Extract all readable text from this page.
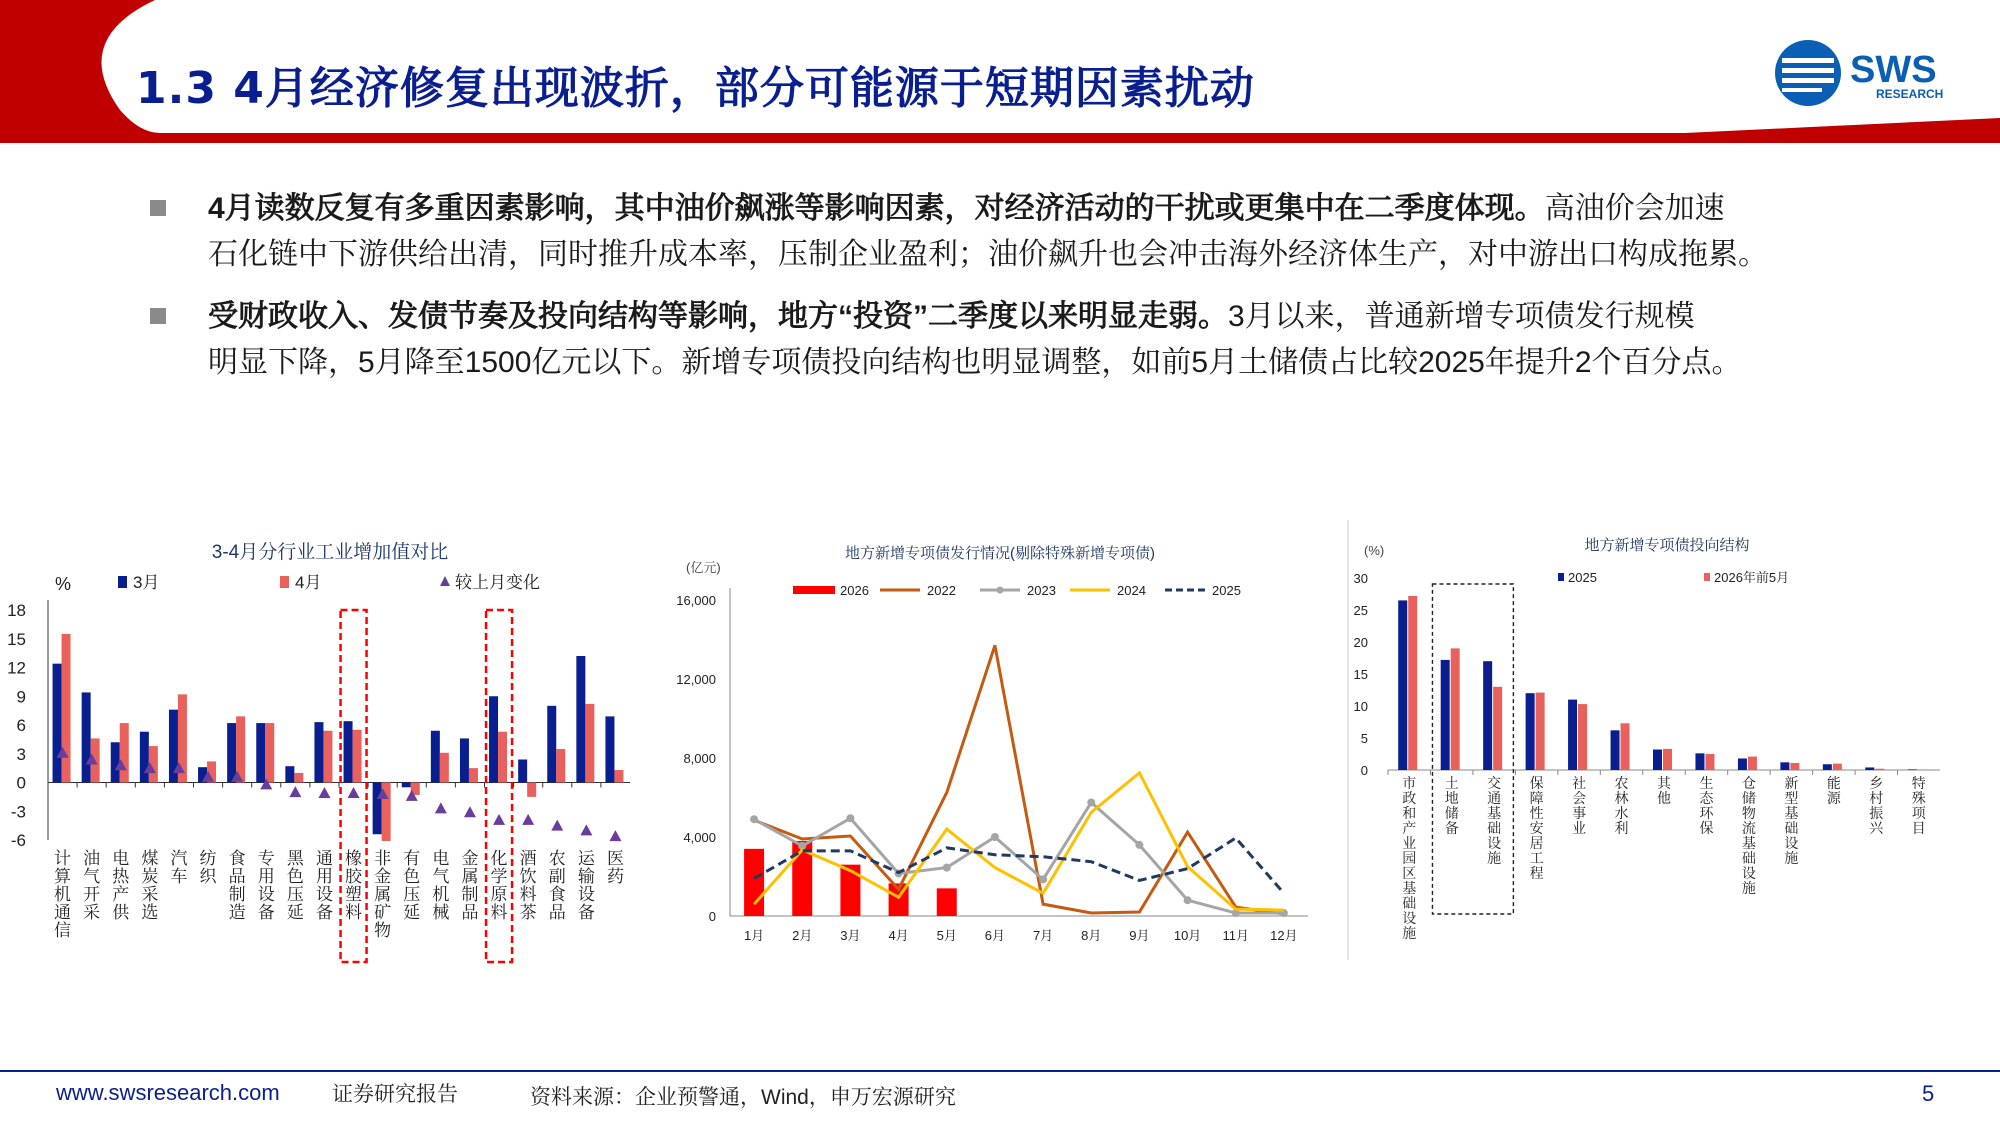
1.3 4月经济修复出现波折，部分可能源于短期因素扰动	SWS
RESEARCH
4月读数反复有多重因素影响，其中油价飙涨等影响因素，对经济活动的干扰或更集中在二季度体现。高油价会加速
石化链中下游供给出清，同时推升成本率，压制企业盈利；油价飙升也会冲击海外经济体生产，对中游出口构成拖累。
受财政收入、发债节奏及投向结构等影响，地方“投资”二季度以来明显走弱。3月以来，普通新增专项债发行规模
明显下降，5月降至1500亿元以下。新增专项债投向结构也明显调整，如前5月土储债占比较2025年提升2个百分点。
3-4月分行业工业增加值对比
%	3月	4月	较上月变化
18
15
12
9
6
3
0
-3
-6
计
算
机
通
信
油
气
开
采
电
热
产
供
煤
炭
采
选
汽
车
纺
织
食
品
制
造
专
用
设
备
黑
色
压
延
通
用
设
备
橡
胶
塑
料
非
金
属
矿
物
有
色
压
延
电
气
机
械
金
属
制
品
化
学
原
料
酒
饮
料
茶
农
副
食
品
运
输
设
备
医
药
地方新增专项债发行情况(剔除特殊新增专项债)
(亿元)
2026	2022	2023	2024	2025
16,000
12,000
8,000
4,000
0
1月 2月 3月 4月 5月 6月 7月 8月 9月 10月 11月 12月
地方新增专项债投向结构
(%)
2025	2026年前5月
30
25
20
15
10
5
0
市
政
和
产
业
园
区
基
础
设
施
土
地
储
备
交
通
基
础
设
施
保
障
性
安
居
工
程
社
会
事
业
农
林
水
利
其
他
生
态
环
保
仓
储
物
流
基
础
设
施
新
型
基
础
设
施
能
源
乡
村
振
兴
特
殊
项
目
www.swsresearch.com 证券研究报告	资料来源：企业预警通，Wind，申万宏源研究	5
